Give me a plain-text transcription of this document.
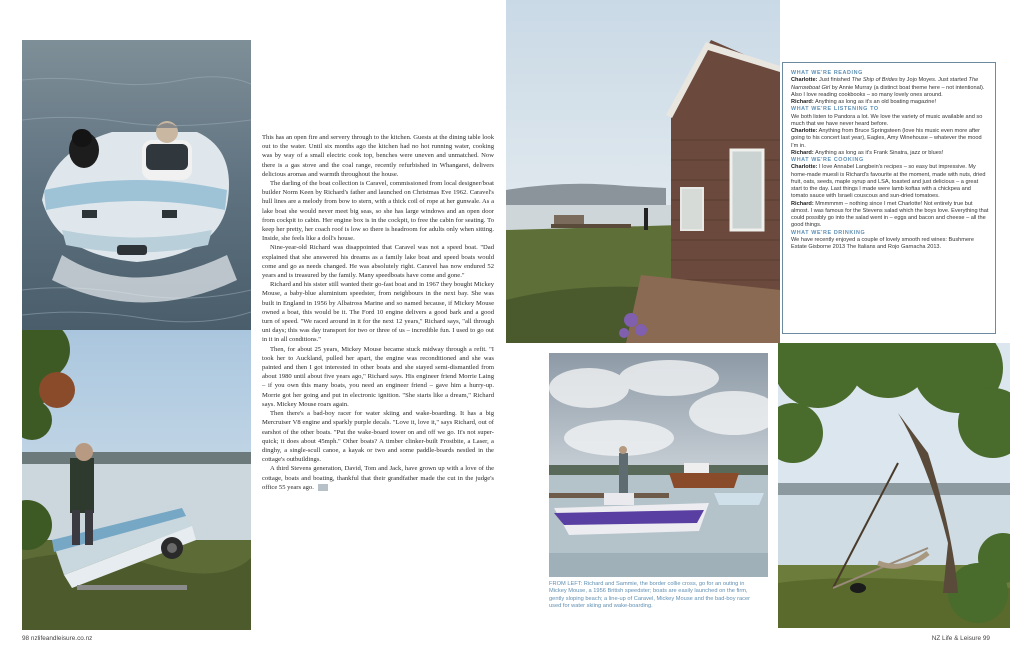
This has an open fire and servery through to the kitchen. Guests at the dining table look out to the water. Until six months ago the kitchen had no hot running water, cooking was by way of a small electric cook top, benches were uneven and unmatched. Now there is a gas stove and the coal range, recently refurbished in Whangarei, delivers delicious aromas and warmth throughout the house.

The darling of the boat collection is Caravel, commissioned from local designer/boat builder Norm Keen by Richard's father and launched on Christmas Eve 1962. Caravel's hull lines are a melody from bow to stern, with a thick coil of rope at her gunwale. As a lake boat she would never meet big seas, so she has large windows and an open door from cockpit to cabin. Her engine box is in the cockpit, to free the cabin for seating. To keep her pretty, her coach roof is low so there is headroom for adults only when sitting. Inside, she feels like a doll's house.

Nine-year-old Richard was disappointed that Caravel was not a speed boat. "Dad explained that she answered his dreams as a family lake boat and speed boats would come and go as needs changed. He was absolutely right. Caravel has now endured 52 years and is treasured by the family. Many speedboats have come and gone."

Richard and his sister still wanted their go-fast boat and in 1967 they bought Mickey Mouse, a baby-blue aluminium speedster, from neighbours in the next bay. She was built in England in 1956 by Albatross Marine and so named because, if Mickey Mouse owned a boat, this would be it. The Ford 10 engine delivers a good bark and a good turn of speed. "We raced around in it for the next 12 years," Richard says, "all through uni days; this was day transport for two or three of us – incredible fun. I used to go out in it in all conditions."

Then, for about 25 years, Mickey Mouse became stuck midway through a refit. "I took her to Auckland, pulled her apart, the engine was reconditioned and she was painted and then I got interested in other boats and she stayed semi-dismantled from about 1980 until about five years ago," Richard says. His engineer friend Morrie Laing – if you own this many boats, you need an engineer friend – gave him a hurry-up. Morrie got her going and put in electronic ignition. "She starts like a dream," Richard says. Mickey Mouse roars again.

Then there's a bad-boy racer for water skiing and wake-boarding. It has a big Mercruiser V8 engine and sparkly purple decals. "Love it, love it," says Richard, out of earshot of the other boats. "Put the wake-board tower on and off we go. It's not super-quick; it does about 45mph." Other boats? A timber clinker-built Frostbite, a Laser, a dinghy, a single-scull canoe, a kayak or two and some paddle-boards nestled in the cottage's outbuildings.

A third Stevens generation, David, Tom and Jack, have grown up with a love of the cottage, boats and boating, thankful that their grandfather made the cut in the judge's office 55 years ago.

WHAT WE'RE READING

Charlotte: Just finished The Ship of Brides by Jojo Moyes. Just started The Narrowboat Girl by Annie Murray (a distinct boat theme here – not intentional). Also I love reading cookbooks – so many lovely ones around.

Richard: Anything as long as it's an old boating magazine!

WHAT WE'RE LISTENING TO

We both listen to Pandora a lot. We love the variety of music available and so much that we have never heard before.

Charlotte: Anything from Bruce Springsteen (love his music even more after going to his concert last year), Eagles, Amy Winehouse – whatever the mood I'm in.

Richard: Anything as long as it's Frank Sinatra, jazz or blues!

WHAT WE'RE COOKING

Charlotte: I love Annabel Langbein's recipes – so easy but impressive. My home-made muesli is Richard's favourite at the moment, made with nuts, dried fruit, oats, seeds, maple syrup and LSA, toasted and just delicious – a great start to the day. Last things I made were lamb koftas with a chickpea and tomato sauce with Israeli couscous and sun-dried tomatoes.

Richard: Mmmmmm – nothing since I met Charlotte! Not entirely true but almost. I was famous for the Stevens salad which the boys love. Everything that could possibly go into the salad went in – eggs and bacon and cheese – all the good things.

WHAT WE'RE DRINKING

We have recently enjoyed a couple of lovely smooth red wines: Bushmere Estate Gisborne 2013 The Italians and Rojo Garnacha 2013.

FROM LEFT: Richard and Sammie, the border collie cross, go for an outing in Mickey Mouse, a 1956 British speedster; boats are easily launched on the firm, gently sloping beach; a line-up of Caravel, Mickey Mouse and the bad-boy racer used for water skiing and wake-boarding.
98 nzlifeandleisure.co.nz	NZ Life & Leisure 99
